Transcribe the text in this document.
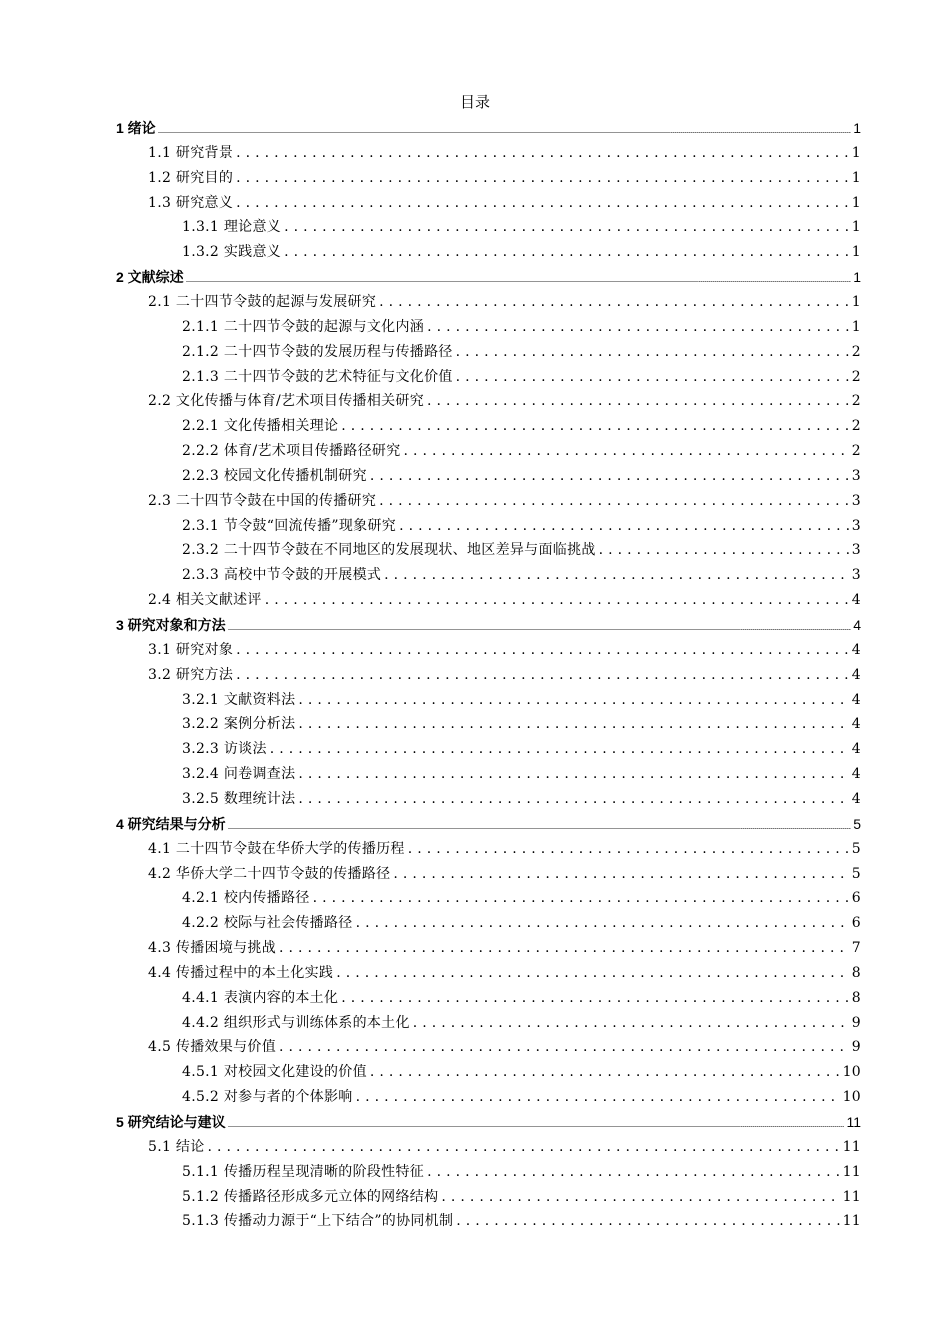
目录
1 绪论 .....	1
1.1 研究背景 . . .	1
1.2 研究目的 . . .	1
1.3 研究意义 . . .	1
1.3.1 理论意义 . . .	1
1.3.2 实践意义 . . .	1
2 文献综述 .....	1
2.1 二十四节令鼓的起源与发展研究 . . .	1
2.1.1 二十四节令鼓的起源与文化内涵 . . .	1
2.1.2 二十四节令鼓的发展历程与传播路径 . . .	2
2.1.3 二十四节令鼓的艺术特征与文化价值 . . .	2
2.2 文化传播与体育/艺术项目传播相关研究 . . .	2
2.2.1 文化传播相关理论 . . .	2
2.2.2 体育/艺术项目传播路径研究 . . .	2
2.2.3 校园文化传播机制研究 . . .	3
2.3 二十四节令鼓在中国的传播研究 . . .	3
2.3.1 节令鼓“回流传播”现象研究 . . .	3
2.3.2 二十四节令鼓在不同地区的发展现状、地区差异与面临挑战 . . .	3
2.3.3 高校中节令鼓的开展模式 . . .	3
2.4 相关文献述评 . . .	4
3 研究对象和方法 .....	4
3.1 研究对象 . . .	4
3.2 研究方法 . . .	4
3.2.1 文献资料法 . . .	4
3.2.2 案例分析法 . . .	4
3.2.3 访谈法 . . .	4
3.2.4 问卷调查法 . . .	4
3.2.5 数理统计法 . . .	4
4 研究结果与分析 .....	5
4.1 二十四节令鼓在华侨大学的传播历程 . . .	5
4.2 华侨大学二十四节令鼓的传播路径 . . .	5
4.2.1 校内传播路径 . . .	6
4.2.2 校际与社会传播路径 . . .	6
4.3 传播困境与挑战 . . .	7
4.4 传播过程中的本土化实践 . . .	8
4.4.1 表演内容的本土化 . . .	8
4.4.2 组织形式与训练体系的本土化 . . .	9
4.5 传播效果与价值 . . .	9
4.5.1 对校园文化建设的价值 . . .	10
4.5.2 对参与者的个体影响 . . .	10
5 研究结论与建议 .....	11
5.1 结论 . . .	11
5.1.1 传播历程呈现清晰的阶段性特征 . . .	11
5.1.2 传播路径形成多元立体的网络结构 . . .	11
5.1.3 传播动力源于“上下结合”的协同机制 . . .	11
